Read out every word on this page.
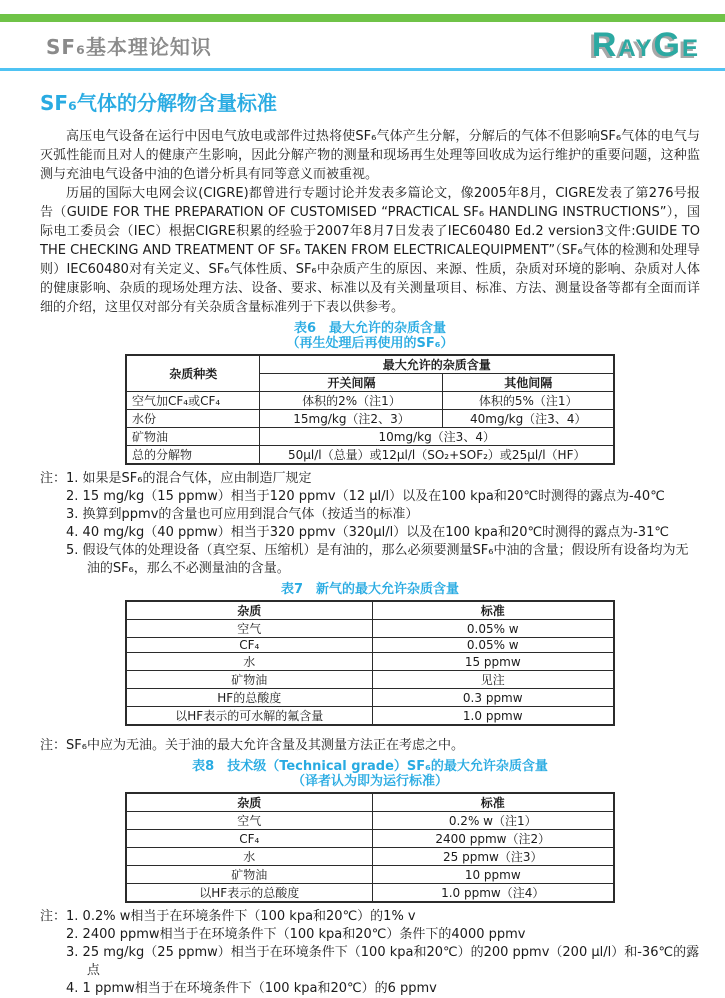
SF₆基本理论知识	RAYGE
SF₆气体的分解物含量标准

高压电气设备在运行中因电气放电或部件过热将使SF₆气体产生分解，分解后的气体不但影响SF₆气体的电气与灭弧性能而且对人的健康产生影响，因此分解产物的测量和现场再生处理等回收成为运行维护的重要问题，这种监测与充油电气设备中油的色谱分析具有同等意义而被重视。

历届的国际大电网会议(CIGRE)都曾进行专题讨论并发表多篇论文，像2005年8月，CIGRE发表了第276号报告（GUIDE FOR THE PREPARATION OF CUSTOMISED “PRACTICAL SF₆ HANDLING INSTRUCTIONS”），国际电工委员会（IEC）根据CIGRE积累的经验于2007年8月7日发表了IEC60480 Ed.2 version3文件:GUIDE TO THE CHECKING AND TREATMENT OF SF₆ TAKEN FROM ELECTRICALEQUIPMENT”（SF₆气体的检测和处理导则）IEC60480对有关定义、SF₆气体性质、SF₆中杂质产生的原因、来源、性质，杂质对环境的影响、杂质对人体的健康影响、杂质的现场处理方法、设备、要求、标准以及有关测量项目、标准、方法、测量设备等都有全面而详细的介绍，这里仅对部分有关杂质含量标准列于下表以供参考。

表6　最大允许的杂质含量
（再生处理后再使用的SF₆）
杂质种类	最大允许的杂质含量	
	开关间隔	其他间隔
空气加CF₄或CF₄	体积的2%（注1）	体积的5%（注1）
水份	15mg/kg（注2、3）	40mg/kg（注3、4）
矿物油	10mg/kg（注3、4）	
总的分解物	50μl/l（总量）或12μl/l（SO₂+SOF₂）或25μl/l（HF）	
注： 1. 如果是SF₆的混合气体，应由制造厂规定
2. 15 mg/kg（15 ppmw）相当于120 ppmv（12 μl/l）以及在100 kpa和20℃时测得的露点为-40℃
3. 换算到ppmv的含量也可应用到混合气体（按适当的标准）
4. 40 mg/kg（40 ppmw）相当于320 ppmv（320μl/l）以及在100 kpa和20℃时测得的露点为-31℃
5. 假设气体的处理设备（真空泵、压缩机）是有油的，那么必须要测量SF₆中油的含量；假设所有设备均为无油的SF₆，那么不必测量油的含量。
表7　新气的最大允许杂质含量
杂质	标准
空气	0.05% w
CF₄	0.05% w
水	15 ppmw
矿物油	见注
HF的总酸度	0.3 ppmw
以HF表示的可水解的氟含量	1.0 ppmw
注：SF₆中应为无油。关于油的最大允许含量及其测量方法正在考虑之中。
表8　技术级（Technical grade）SF₆的最大允许杂质含量
（译者认为即为运行标准）
杂质	标准
空气	0.2% w（注1）
CF₄	2400 ppmw（注2）
水	25 ppmw（注3）
矿物油	10 ppmw
以HF表示的总酸度	1.0 ppmw（注4）
注： 1. 0.2% w相当于在环境条件下（100 kpa和20℃）的1% v
2. 2400 ppmw相当于在环境条件下（100 kpa和20℃）条件下的4000 ppmv
3. 25 mg/kg（25 ppmw）相当于在环境条件下（100 kpa和20℃）的200 ppmv（200 μl/l）和-36℃的露点
4. 1 ppmw相当于在环境条件下（100 kpa和20℃）的6 ppmv
